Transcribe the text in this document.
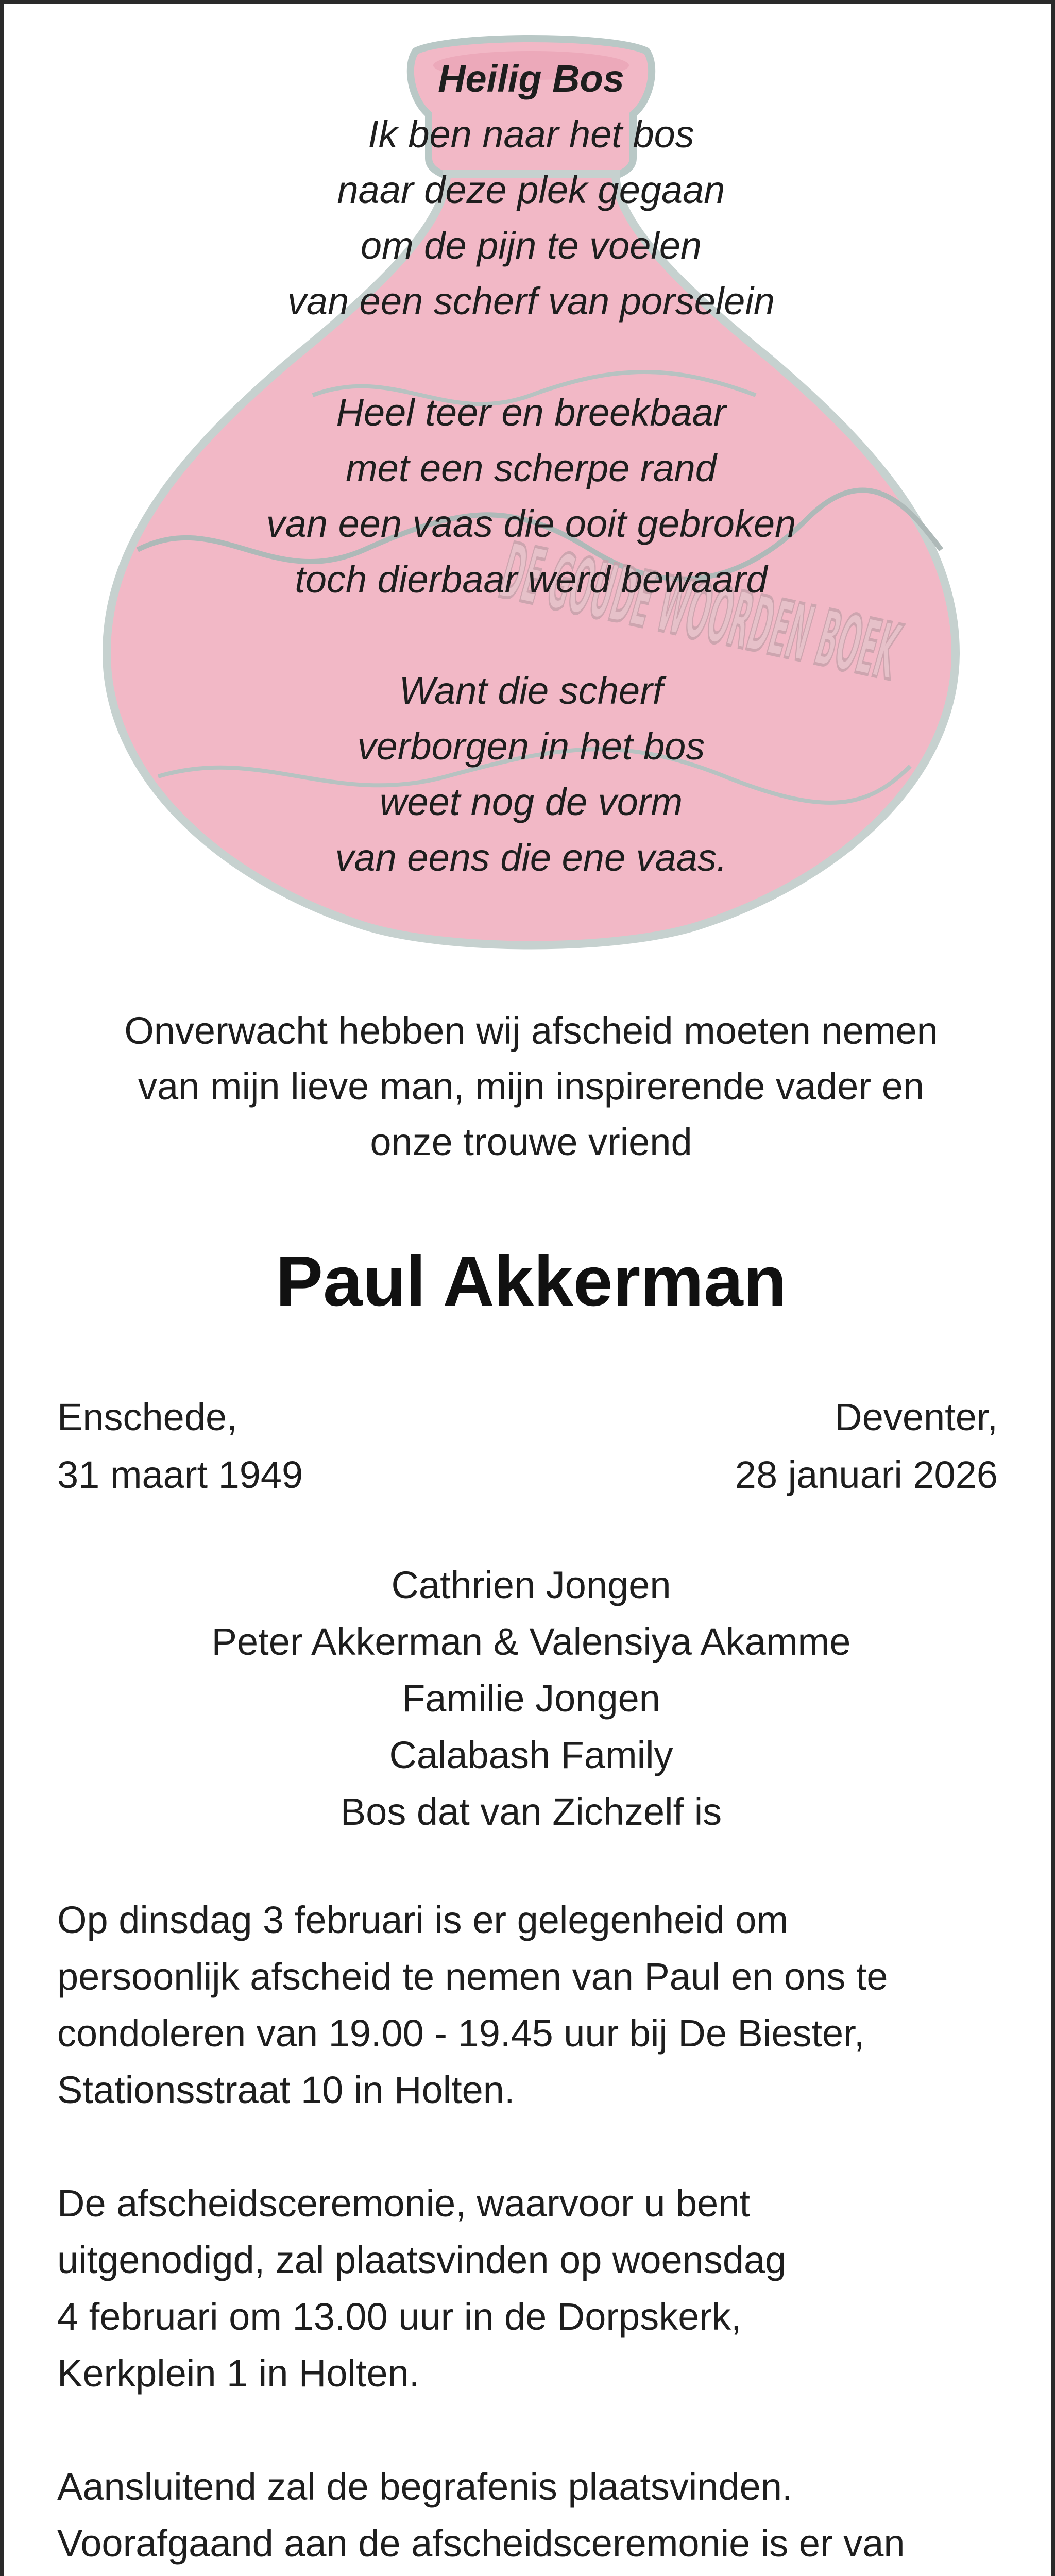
Heilig Bos
Ik ben naar het bos
naar deze plek gegaan
om de pijn te voelen
van een scherf van porselein
Heel teer en breekbaar
met een scherpe rand
van een vaas die ooit gebroken
toch dierbaar werd bewaard
Want die scherf
verborgen in het bos
weet nog de vorm
van eens die ene vaas.
Onverwacht hebben wij afscheid moeten nemen
van mijn lieve man, mijn inspirerende vader en
onze trouwe vriend
Paul Akkerman
Enschede,
31 maart 1949
Deventer,
28 januari 2026
Cathrien Jongen
Peter Akkerman & Valensiya Akamme
Familie Jongen
Calabash Family
Bos dat van Zichzelf is

Op dinsdag 3 februari is er gelegenheid om
persoonlijk afscheid te nemen van Paul en ons te
condoleren van 19.00 - 19.45 uur bij De Biester,
Stationsstraat 10 in Holten.

De afscheidsceremonie, waarvoor u bent
uitgenodigd, zal plaatsvinden op woensdag
4 februari om 13.00 uur in de Dorpskerk,
Kerkplein 1 in Holten.

Aansluitend zal de begrafenis plaatsvinden.
Voorafgaand aan de afscheidsceremonie is er van
